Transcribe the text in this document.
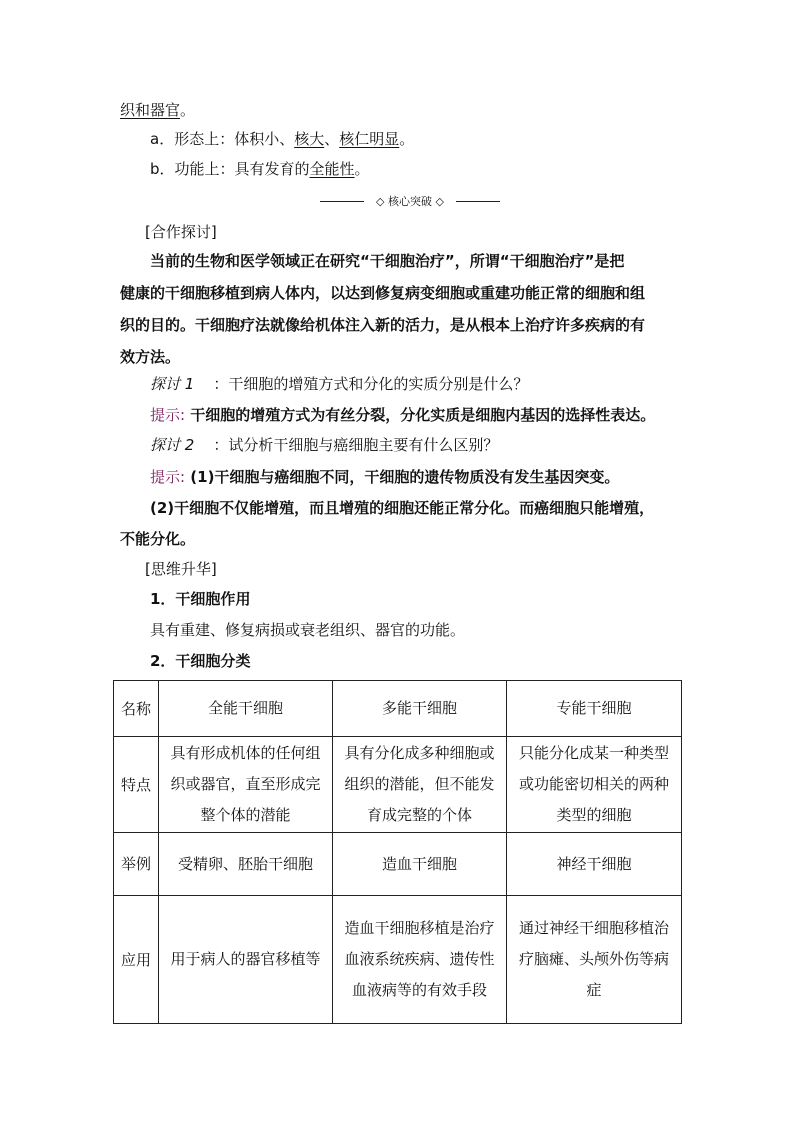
织和器官。
a．形态上：体积小、核大、核仁明显。
b．功能上：具有发育的全能性。
◇ 核心突破 ◇
[合作探讨]
当前的生物和医学领域正在研究“干细胞治疗”，所谓“干细胞治疗”是把
健康的干细胞移植到病人体内，以达到修复病变细胞或重建功能正常的细胞和组
织的目的。干细胞疗法就像给机体注入新的活力，是从根本上治疗许多疾病的有
效方法。
探讨 1 ：干细胞的增殖方式和分化的实质分别是什么？
提示: 干细胞的增殖方式为有丝分裂，分化实质是细胞内基因的选择性表达。
探讨 2 ：试分析干细胞与癌细胞主要有什么区别？
提示: (1)干细胞与癌细胞不同，干细胞的遗传物质没有发生基因突变。
(2)干细胞不仅能增殖，而且增殖的细胞还能正常分化。而癌细胞只能增殖，
不能分化。
[思维升华]
1．干细胞作用
具有重建、修复病损或衰老组织、器官的功能。
2．干细胞分类
名称	全能干细胞	多能干细胞	专能干细胞
特点	具有形成机体的任何组织或器官，直至形成完整个体的潜能	具有分化成多种细胞或组织的潜能，但不能发育成完整的个体	只能分化成某一种类型或功能密切相关的两种类型的细胞
举例	受精卵、胚胎干细胞	造血干细胞	神经干细胞
应用	用于病人的器官移植等	造血干细胞移植是治疗血液系统疾病、遗传性血液病等的有效手段	通过神经干细胞移植治疗脑瘫、头颅外伤等病症
